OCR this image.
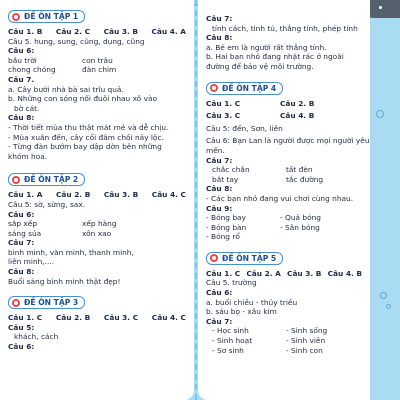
ĐỀ ÔN TẬP 1
Câu 1. B Câu 2. C Câu 3. B Câu 4. A
Câu 5. hung, sung, cũng, dụng, cũng
Câu 6:
bầu trời	con trâu
chong chóng	đàn chim
Câu 7.
a. Cây bưởi nhà bà sai trĩu quả.
b. Những con sóng nối đuôi nhau xô vào
bờ cát.
Câu 8:
- Thời tiết mùa thu thật mát mẻ và dễ chịu.
- Mùa xuân đến, cây cối đâm chồi nảy lộc.
- Từng đàn bướm bay dập dờn bên những
khóm hoa.
ĐỀ ÔN TẬP 2
Câu 1. A Câu 2. B Câu 3. B Câu 4. C
Câu 5: sờ, sừng, sax.
Câu 6:
sắp xếp	xếp hàng
sáng sủa	xôn xao
Câu 7:
bình minh, văn minh, thanh minh,
liên minh,....
Câu 8:
Buổi sáng bình minh thật đẹp!
ĐỀ ÔN TẬP 3
Câu 1. C Câu 2. B Câu 3. C Câu 4. C
Câu 5:
khách, cách
Câu 6:
Câu 7:
tính cách, tinh tú, thẳng tính, phép tính
Câu 8:
a. Bé em là người rất thẳng tính.
b. Hai bạn nhỏ đang nhặt rác ở ngoài
đường để bảo vệ môi trường.
ĐỀ ÔN TẬP 4
Câu 1. C	Câu 2. B
Câu 3. C	Câu 4. B
Câu 5: đến, Sơn, liên
Câu 6: Bạn Lan là người được mọi người yêu
mến.
Câu 7:
chắc chắn	tất đèn
bắt tay	tắc đường
Câu 8:
- Các bạn nhỏ đang vui chơi cùng nhau.
Câu 9:
- Bóng bay	- Quả bóng
- Bóng bàn	- Sân bóng
- Bóng rổ
ĐỀ ÔN TẬP 5
Câu 1. C Câu 2. A Câu 3. B Câu 4. B
Câu 5. trường
Câu 6:
a. buổi chiều - thủy triều
b. sáu bọ - xâu kim
Câu 7:
- Học sinh	- Sinh sống
- Sinh hoạt	- Sinh viên
- Sơ sinh	- Sinh con
